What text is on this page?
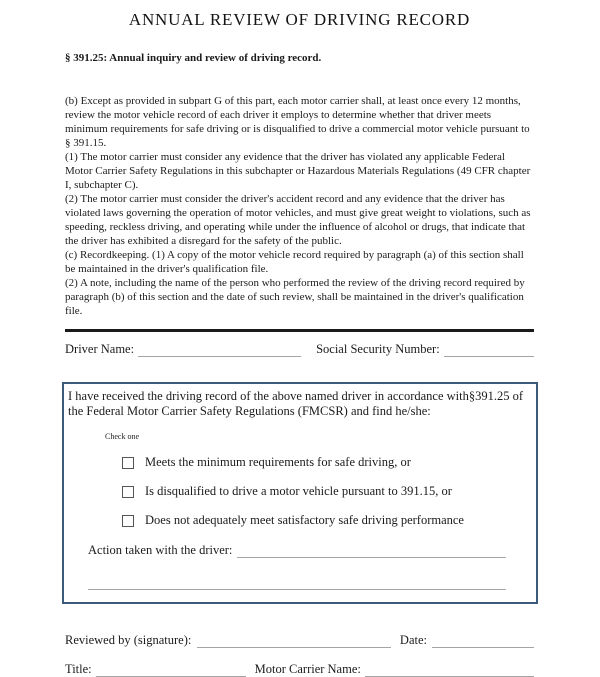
ANNUAL REVIEW OF DRIVING RECORD
§ 391.25: Annual inquiry and review of driving record.

(b) Except as provided in subpart G of this part, each motor carrier shall, at least once every 12 months, review the motor vehicle record of each driver it employs to determine whether that driver meets minimum requirements for safe driving or is disqualified to drive a commercial motor vehicle pursuant to § 391.15.

(1) The motor carrier must consider any evidence that the driver has violated any applicable Federal Motor Carrier Safety Regulations in this subchapter or Hazardous Materials Regulations (49 CFR chapter I, subchapter C).

(2) The motor carrier must consider the driver's accident record and any evidence that the driver has violated laws governing the operation of motor vehicles, and must give great weight to violations, such as speeding, reckless driving, and operating while under the influence of alcohol or drugs, that indicate that the driver has exhibited a disregard for the safety of the public.

(c) Recordkeeping. (1) A copy of the motor vehicle record required by paragraph (a) of this section shall be maintained in the driver's qualification file.

(2) A note, including the name of the person who performed the review of the driving record required by paragraph (b) of this section and the date of such review, shall be maintained in the driver's qualification file.

Driver Name:	Social Security Number:

I have received the driving record of the above named driver in accordance with§391.25 of the Federal Motor Carrier Safety Regulations (FMCSR) and find he/she:

Check one
Meets the minimum requirements for safe driving, or
Is disqualified to drive a motor vehicle pursuant to 391.15, or
Does not adequately meet satisfactory safe driving performance
Action taken with the driver:
Reviewed by (signature):	Date:
Title:	Motor Carrier Name:
